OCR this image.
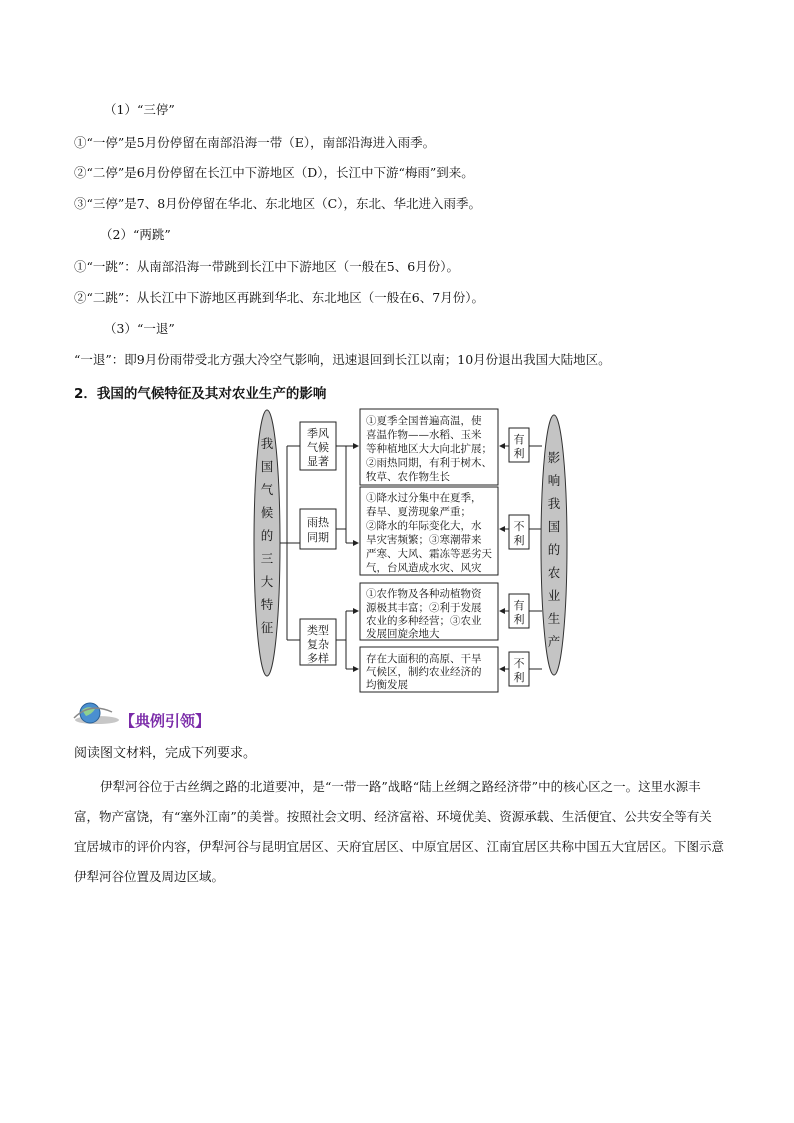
（1）“三停”
①“一停”是5月份停留在南部沿海一带（E），南部沿海进入雨季。
②“二停”是6月份停留在长江中下游地区（D），长江中下游“梅雨”到来。
③“三停”是7、8月份停留在华北、东北地区（C），东北、华北进入雨季。
（2）“两跳”
①“一跳”：从南部沿海一带跳到长江中下游地区（一般在5、6月份）。
②“二跳”：从长江中下游地区再跳到华北、东北地区（一般在6、7月份）。
（3）“一退”
“一退”：即9月份雨带受北方强大冷空气影响，迅速退回到长江以南；10月份退出我国大陆地区。
2．我国的气候特征及其对农业生产的影响
我
国
气
候
的
三
大
特
征
季风
气候
显著
雨热
同期
类型
复杂
多样
①夏季全国普遍高温，使
喜温作物——水稻、玉米
等种植地区大大向北扩展；
②雨热同期，有利于树木、
牧草、农作物生长
①降水过分集中在夏季，
春旱、夏涝现象严重；
②降水的年际变化大，水
旱灾害频繁；③寒潮带来
严寒、大风、霜冻等恶劣天
气，台风造成水灾、风灾
①农作物及各种动植物资
源极其丰富；②利于发展
农业的多种经营；③农业
发展回旋余地大
存在大面积的高原、干旱
气候区，制约农业经济的
均衡发展
有
利
不
利
有
利
不
利
影
响
我
国
的
农
业
生
产
【典例引领】
阅读图文材料，完成下列要求。
伊犁河谷位于古丝绸之路的北道要冲，是“一带一路”战略“陆上丝绸之路经济带”中的核心区之一。这里水源丰富，物产富饶，有“塞外江南”的美誉。按照社会文明、经济富裕、环境优美、资源承载、生活便宜、公共安全等有关宜居城市的评价内容，伊犁河谷与昆明宜居区、天府宜居区、中原宜居区、江南宜居区共称中国五大宜居区。下图示意伊犁河谷位置及周边区域。
